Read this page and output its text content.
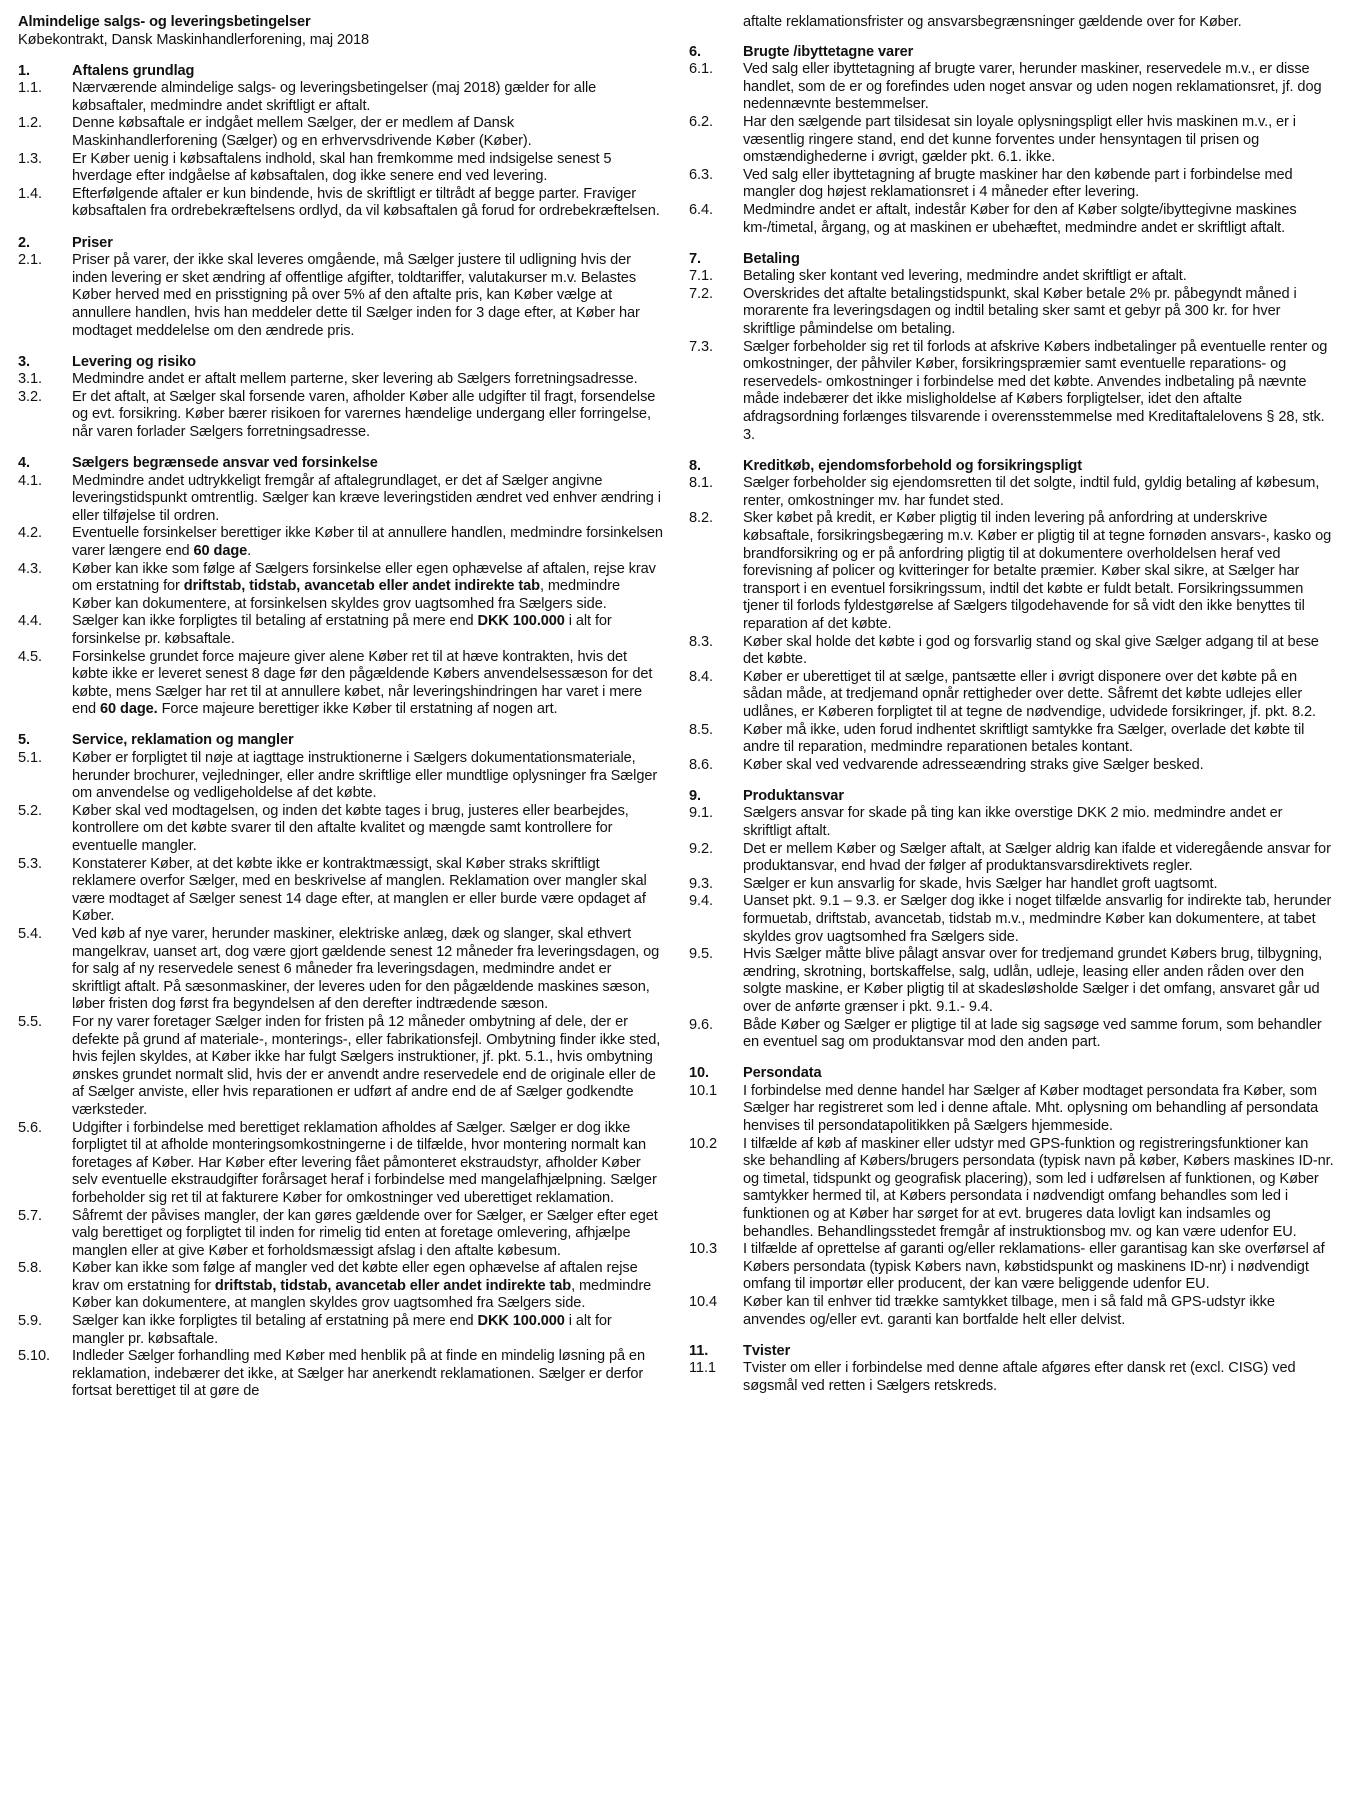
Almindelige salgs- og leveringsbetingelser
Købekontrakt, Dansk Maskinhandlerforening, maj 2018
1.	Aftalens grundlag
1.1.	Nærværende almindelige salgs- og leveringsbetingelser (maj 2018) gælder for alle købsaftaler, medmindre andet skriftligt er aftalt.
1.2.	Denne købsaftale er indgået mellem Sælger, der er medlem af Dansk Maskinhandlerforening (Sælger) og en erhvervsdrivende Køber (Køber).
1.3.	Er Køber uenig i købsaftalens indhold, skal han fremkomme med indsigelse senest 5 hverdage efter indgåelse af købsaftalen, dog ikke senere end ved levering.
1.4.	Efterfølgende aftaler er kun bindende, hvis de skriftligt er tiltrådt af begge parter. Fraviger købsaftalen fra ordrebekræftelsens ordlyd, da vil købsaftalen gå forud for ordrebekræftelsen.
2.	Priser
2.1.	Priser på varer, der ikke skal leveres omgående, må Sælger justere til udligning hvis der inden levering er sket ændring af offentlige afgifter, toldtariffer, valutakurser m.v. Belastes Køber herved med en prisstigning på over 5% af den aftalte pris, kan Køber vælge at annullere handlen, hvis han meddeler dette til Sælger inden for 3 dage efter, at Køber har modtaget meddelelse om den ændrede pris.
3.	Levering og risiko
3.1.	Medmindre andet er aftalt mellem parterne, sker levering ab Sælgers forretningsadresse.
3.2.	Er det aftalt, at Sælger skal forsende varen, afholder Køber alle udgifter til fragt, forsendelse og evt. forsikring. Køber bærer risikoen for varernes hændelige undergang eller forringelse, når varen forlader Sælgers forretningsadresse.
4.	Sælgers begrænsede ansvar ved forsinkelse
4.1.	Medmindre andet udtrykkeligt fremgår af aftalegrundlaget, er det af Sælger angivne leveringstidspunkt omtrentlig. Sælger kan kræve leveringstiden ændret ved enhver ændring i eller tilføjelse til ordren.
4.2.	Eventuelle forsinkelser berettiger ikke Køber til at annullere handlen, medmindre forsinkelsen varer længere end 60 dage.
4.3.	Køber kan ikke som følge af Sælgers forsinkelse eller egen ophævelse af aftalen, rejse krav om erstatning for driftstab, tidstab, avancetab eller andet indirekte tab, medmindre Køber kan dokumentere, at forsinkelsen skyldes grov uagtsomhed fra Sælgers side.
4.4.	Sælger kan ikke forpligtes til betaling af erstatning på mere end DKK 100.000 i alt for forsinkelse pr. købsaftale.
4.5.	Forsinkelse grundet force majeure giver alene Køber ret til at hæve kontrakten, hvis det købte ikke er leveret senest 8 dage før den pågældende Købers anvendelsessæson for det købte, mens Sælger har ret til at annullere købet, når leveringshindringen har varet i mere end 60 dage. Force majeure berettiger ikke Køber til erstatning af nogen art.
5.	Service, reklamation og mangler
5.1.	Køber er forpligtet til nøje at iagttage instruktionerne i Sælgers dokumentationsmateriale, herunder brochurer, vejledninger, eller andre skriftlige eller mundtlige oplysninger fra Sælger om anvendelse og vedligeholdelse af det købte.
5.2.	Køber skal ved modtagelsen, og inden det købte tages i brug, justeres eller bearbejdes, kontrollere om det købte svarer til den aftalte kvalitet og mængde samt kontrollere for eventuelle mangler.
5.3.	Konstaterer Køber, at det købte ikke er kontraktmæssigt, skal Køber straks skriftligt reklamere overfor Sælger, med en beskrivelse af manglen. Reklamation over mangler skal være modtaget af Sælger senest 14 dage efter, at manglen er eller burde være opdaget af Køber.
5.4.	Ved køb af nye varer, herunder maskiner, elektriske anlæg, dæk og slanger, skal ethvert mangelkrav, uanset art, dog være gjort gældende senest 12 måneder fra leveringsdagen, og for salg af ny reservedele senest 6 måneder fra leveringsdagen, medmindre andet er skriftligt aftalt. På sæsonmaskiner, der leveres uden for den pågældende maskines sæson, løber fristen dog først fra begyndelsen af den derefter indtrædende sæson.
5.5.	For ny varer foretager Sælger inden for fristen på 12 måneder ombytning af dele, der er defekte på grund af materiale-, monterings-, eller fabrikationsfejl. Ombytning finder ikke sted, hvis fejlen skyldes, at Køber ikke har fulgt Sælgers instruktioner, jf. pkt. 5.1., hvis ombytning ønskes grundet normalt slid, hvis der er anvendt andre reservedele end de originale eller de af Sælger anviste, eller hvis reparationen er udført af andre end de af Sælger godkendte værksteder.
5.6.	Udgifter i forbindelse med berettiget reklamation afholdes af Sælger. Sælger er dog ikke forpligtet til at afholde monteringsomkostningerne i de tilfælde, hvor montering normalt kan foretages af Køber. Har Køber efter levering fået påmonteret ekstraudstyr, afholder Køber selv eventuelle ekstraudgifter forårsaget heraf i forbindelse med mangelafhjælpning. Sælger forbeholder sig ret til at fakturere Køber for omkostninger ved uberettiget reklamation.
5.7.	Såfremt der påvises mangler, der kan gøres gældende over for Sælger, er Sælger efter eget valg berettiget og forpligtet til inden for rimelig tid enten at foretage omlevering, afhjælpe manglen eller at give Køber et forholdsmæssigt afslag i den aftalte købesum.
5.8.	Køber kan ikke som følge af mangler ved det købte eller egen ophævelse af aftalen rejse krav om erstatning for driftstab, tidstab, avancetab eller andet indirekte tab, medmindre Køber kan dokumentere, at manglen skyldes grov uagtsomhed fra Sælgers side.
5.9.	Sælger kan ikke forpligtes til betaling af erstatning på mere end DKK 100.000 i alt for mangler pr. købsaftale.
5.10.	Indleder Sælger forhandling med Køber med henblik på at finde en mindelig løsning på en reklamation, indebærer det ikke, at Sælger har anerkendt reklamationen. Sælger er derfor fortsat berettiget til at gøre de
aftalte reklamationsfrister og ansvarsbegrænsninger gældende over for Køber.
6.	Brugte /ibyttetagne varer
6.1.	Ved salg eller ibyttetagning af brugte varer, herunder maskiner, reservedele m.v., er disse handlet, som de er og forefindes uden noget ansvar og uden nogen reklamationsret, jf. dog nedennævnte bestemmelser.
6.2.	Har den sælgende part tilsidesat sin loyale oplysningspligt eller hvis maskinen m.v., er i væsentlig ringere stand, end det kunne forventes under hensyntagen til prisen og omstændighederne i øvrigt, gælder pkt. 6.1. ikke.
6.3.	Ved salg eller ibyttetagning af brugte maskiner har den købende part i forbindelse med mangler dog højest reklamationsret i 4 måneder efter levering.
6.4.	Medmindre andet er aftalt, indestår Køber for den af Køber solgte/ibyttegivne maskines km-/timetal, årgang, og at maskinen er ubehæftet, medmindre andet er skriftligt aftalt.
7.	Betaling
7.1.	Betaling sker kontant ved levering, medmindre andet skriftligt er aftalt.
7.2.	Overskrides det aftalte betalingstidspunkt, skal Køber betale 2% pr. påbegyndt måned i morarente fra leveringsdagen og indtil betaling sker samt et gebyr på 300 kr. for hver skriftlige påmindelse om betaling.
7.3.	Sælger forbeholder sig ret til forlods at afskrive Købers indbetalinger på eventuelle renter og omkostninger, der påhviler Køber, forsikringspræmier samt eventuelle reparations- og reservedels- omkostninger i forbindelse med det købte. Anvendes indbetaling på nævnte måde indebærer det ikke misligholdelse af Købers forpligtelser, idet den aftalte afdragsordning forlænges tilsvarende i overensstemmelse med Kreditaftalelovens § 28, stk. 3.
8.	Kreditkøb, ejendomsforbehold og forsikringspligt
8.1.	Sælger forbeholder sig ejendomsretten til det solgte, indtil fuld, gyldig betaling af købesum, renter, omkostninger mv. har fundet sted.
8.2.	Sker købet på kredit, er Køber pligtig til inden levering på anfordring at underskrive købsaftale, forsikringsbegæring m.v. Køber er pligtig til at tegne fornøden ansvars-, kasko og brandforsikring og er på anfordring pligtig til at dokumentere overholdelsen heraf ved forevisning af policer og kvitteringer for betalte præmier. Køber skal sikre, at Sælger har transport i en eventuel forsikringssum, indtil det købte er fuldt betalt. Forsikringssummen tjener til forlods fyldestgørelse af Sælgers tilgodehavende for så vidt den ikke benyttes til reparation af det købte.
8.3.	Køber skal holde det købte i god og forsvarlig stand og skal give Sælger adgang til at bese det købte.
8.4.	Køber er uberettiget til at sælge, pantsætte eller i øvrigt disponere over det købte på en sådan måde, at tredjemand opnår rettigheder over dette. Såfremt det købte udlejes eller udlånes, er Køberen forpligtet til at tegne de nødvendige, udvidede forsikringer, jf. pkt. 8.2.
8.5.	Køber må ikke, uden forud indhentet skriftligt samtykke fra Sælger, overlade det købte til andre til reparation, medmindre reparationen betales kontant.
8.6.	Køber skal ved vedvarende adresseændring straks give Sælger besked.
9.	Produktansvar
9.1.	Sælgers ansvar for skade på ting kan ikke overstige DKK 2 mio. medmindre andet er skriftligt aftalt.
9.2.	Det er mellem Køber og Sælger aftalt, at Sælger aldrig kan ifalde et videregående ansvar for produktansvar, end hvad der følger af produktansvarsdirektivets regler.
9.3.	Sælger er kun ansvarlig for skade, hvis Sælger har handlet groft uagtsomt.
9.4.	Uanset pkt. 9.1 – 9.3. er Sælger dog ikke i noget tilfælde ansvarlig for indirekte tab, herunder formuetab, driftstab, avancetab, tidstab m.v., medmindre Køber kan dokumentere, at tabet skyldes grov uagtsomhed fra Sælgers side.
9.5.	Hvis Sælger måtte blive pålagt ansvar over for tredjemand grundet Købers brug, tilbygning, ændring, skrotning, bortskaffelse, salg, udlån, udleje, leasing eller anden råden over den solgte maskine, er Køber pligtig til at skadesløsholde Sælger i det omfang, ansvaret går ud over de anførte grænser i pkt. 9.1.- 9.4.
9.6.	Både Køber og Sælger er pligtige til at lade sig sagsøge ved samme forum, som behandler en eventuel sag om produktansvar mod den anden part.
10.	Persondata
10.1	I forbindelse med denne handel har Sælger af Køber modtaget persondata fra Køber, som Sælger har registreret som led i denne aftale. Mht. oplysning om behandling af persondata henvises til persondatapolitikken på Sælgers hjemmeside.
10.2	I tilfælde af køb af maskiner eller udstyr med GPS-funktion og registreringsfunktioner kan ske behandling af Købers/brugers persondata (typisk navn på køber, Købers maskines ID-nr. og timetal, tidspunkt og geografisk placering), som led i udførelsen af funktionen, og Køber samtykker hermed til, at Købers persondata i nødvendigt omfang behandles som led i funktionen og at Køber har sørget for at evt. brugeres data lovligt kan indsamles og behandles. Behandlingsstedet fremgår af instruktionsbog mv. og kan være udenfor EU.
10.3	I tilfælde af oprettelse af garanti og/eller reklamations- eller garantisag kan ske overførsel af Købers persondata (typisk Købers navn, købstidspunkt og maskinens ID-nr) i nødvendigt omfang til importør eller producent, der kan være beliggende udenfor EU.
10.4	Køber kan til enhver tid trække samtykket tilbage, men i så fald må GPS-udstyr ikke anvendes og/eller evt. garanti kan bortfalde helt eller delvist.
11.	Tvister
11.1	Tvister om eller i forbindelse med denne aftale afgøres efter dansk ret (excl. CISG) ved søgsmål ved retten i Sælgers retskreds.
